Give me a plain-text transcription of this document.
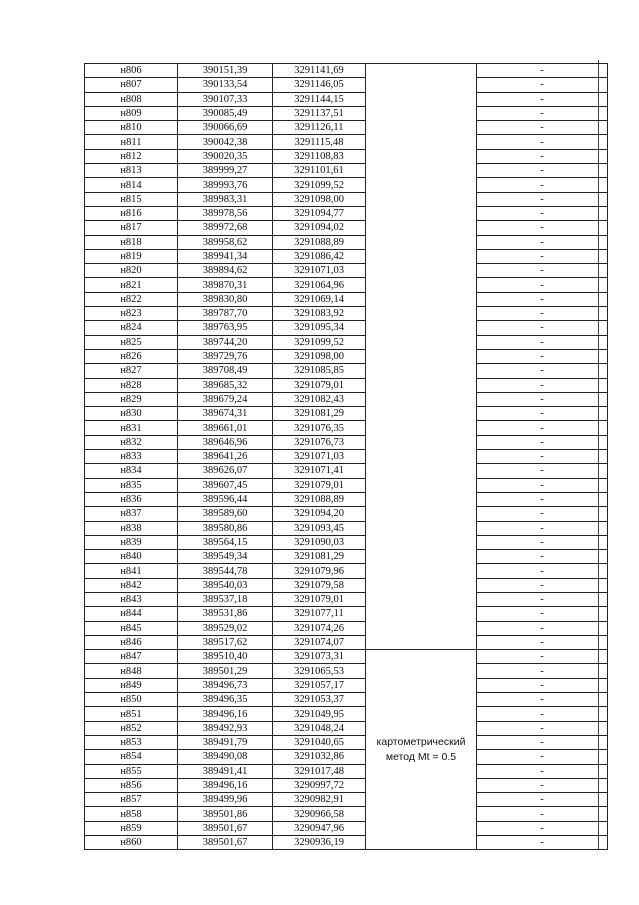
н806	390151,39	3291141,69		-
н807	390133,54	3291146,05		-
н808	390107,33	3291144,15		-
н809	390085,49	3291137,51		-
н810	390066,69	3291126,11		-
н811	390042,38	3291115,48		-
н812	390020,35	3291108,83		-
н813	389999,27	3291101,61		-
н814	389993,76	3291099,52		-
н815	389983,31	3291098,00		-
н816	389978,56	3291094,77		-
н817	389972,68	3291094,02		-
н818	389958,62	3291088,89		-
н819	389941,34	3291086,42		-
н820	389894,62	3291071,03		-
н821	389870,31	3291064,96		-
н822	389830,80	3291069,14		-
н823	389787,70	3291083,92		-
н824	389763,95	3291095,34		-
н825	389744,20	3291099,52		-
н826	389729,76	3291098,00		-
н827	389708,49	3291085,85		-
н828	389685,32	3291079,01		-
н829	389679,24	3291082,43		-
н830	389674,31	3291081,29		-
н831	389661,01	3291076,35		-
н832	389646,96	3291076,73		-
н833	389641,26	3291071,03		-
н834	389626,07	3291071,41		-
н835	389607,45	3291079,01		-
н836	389596,44	3291088,89		-
н837	389589,60	3291094,20		-
н838	389580,86	3291093,45		-
н839	389564,15	3291090,03		-
н840	389549,34	3291081,29		-
н841	389544,78	3291079,96		-
н842	389540,03	3291079,58		-
н843	389537,18	3291079,01		-
н844	389531,86	3291077,11		-
н845	389529,02	3291074,26		-
н846	389517,62	3291074,07		-
н847	389510,40	3291073,31	картометрический метод Mt = 0.5	-
н848	389501,29	3291065,53		-
н849	389496,73	3291057,17		-
н850	389496,35	3291053,37		-
н851	389496,16	3291049,95		-
н852	389492,93	3291048,24		-
н853	389491,79	3291040,65		-
н854	389490,08	3291032,86		-
н855	389491,41	3291017,48		-
н856	389496,16	3290997,72		-
н857	389499,96	3290982,91		-
н858	389501,86	3290966,58		-
н859	389501,67	3290947,96		-
н860	389501,67	3290936,19		-
